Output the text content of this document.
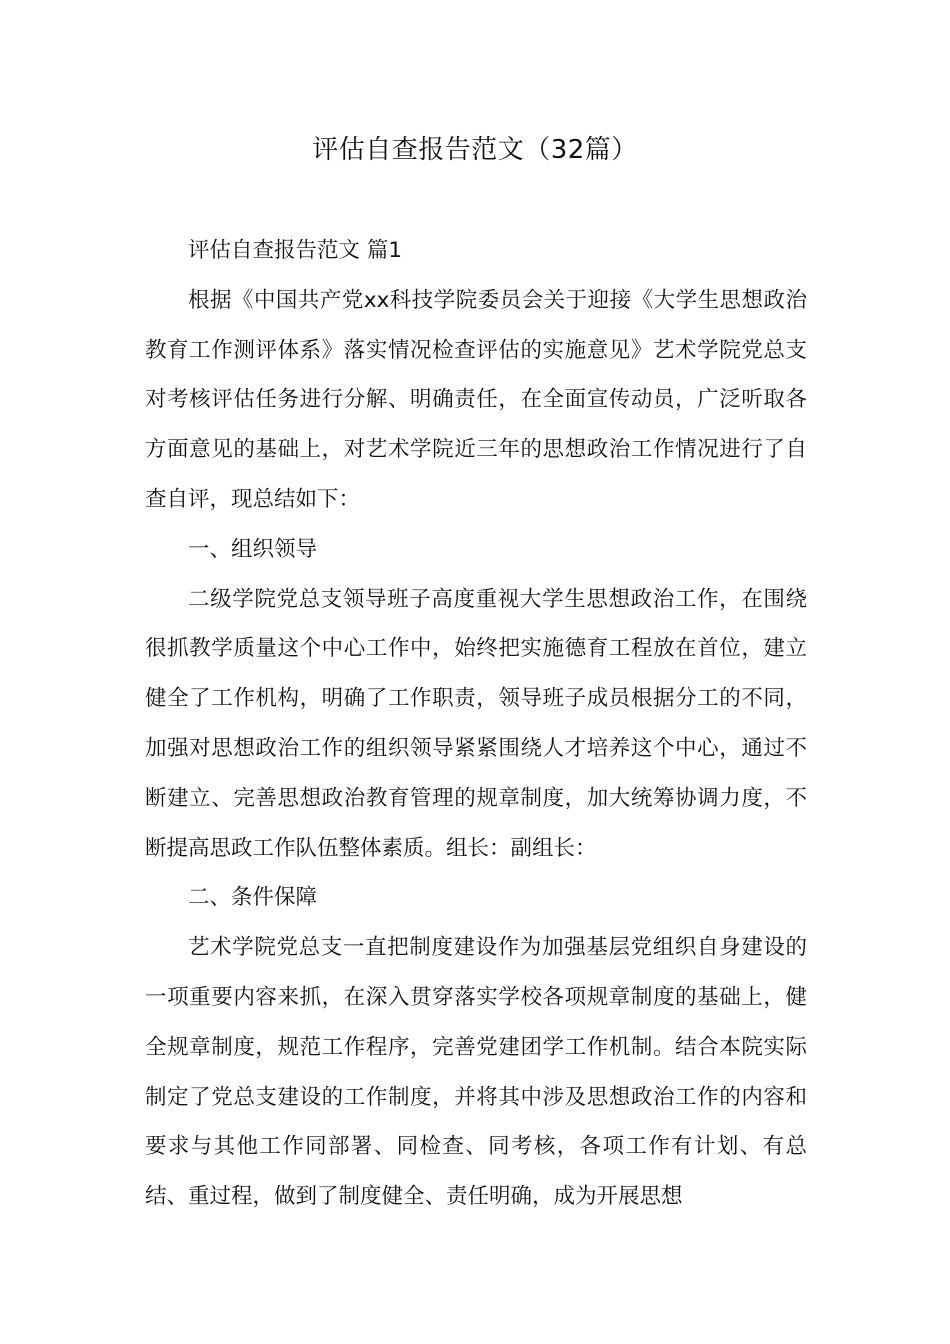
评估自查报告范文（32篇）

评估自查报告范文 篇1

根据《中国共产党xx科技学院委员会关于迎接《大学生思想政治教育工作测评体系》落实情况检查评估的实施意见》艺术学院党总支对考核评估任务进行分解、明确责任，在全面宣传动员，广泛听取各方面意见的基础上，对艺术学院近三年的思想政治工作情况进行了自查自评，现总结如下：

一、组织领导

二级学院党总支领导班子高度重视大学生思想政治工作，在围绕很抓教学质量这个中心工作中，始终把实施德育工程放在首位，建立健全了工作机构，明确了工作职责，领导班子成员根据分工的不同，加强对思想政治工作的组织领导紧紧围绕人才培养这个中心，通过不断建立、完善思想政治教育管理的规章制度，加大统筹协调力度，不断提高思政工作队伍整体素质。组长：副组长：

二、条件保障

艺术学院党总支一直把制度建设作为加强基层党组织自身建设的一项重要内容来抓，在深入贯穿落实学校各项规章制度的基础上，健全规章制度，规范工作程序，完善党建团学工作机制。结合本院实际制定了党总支建设的工作制度，并将其中涉及思想政治工作的内容和要求与其他工作同部署、同检查、同考核，各项工作有计划、有总结、重过程，做到了制度健全、责任明确，成为开展思想
